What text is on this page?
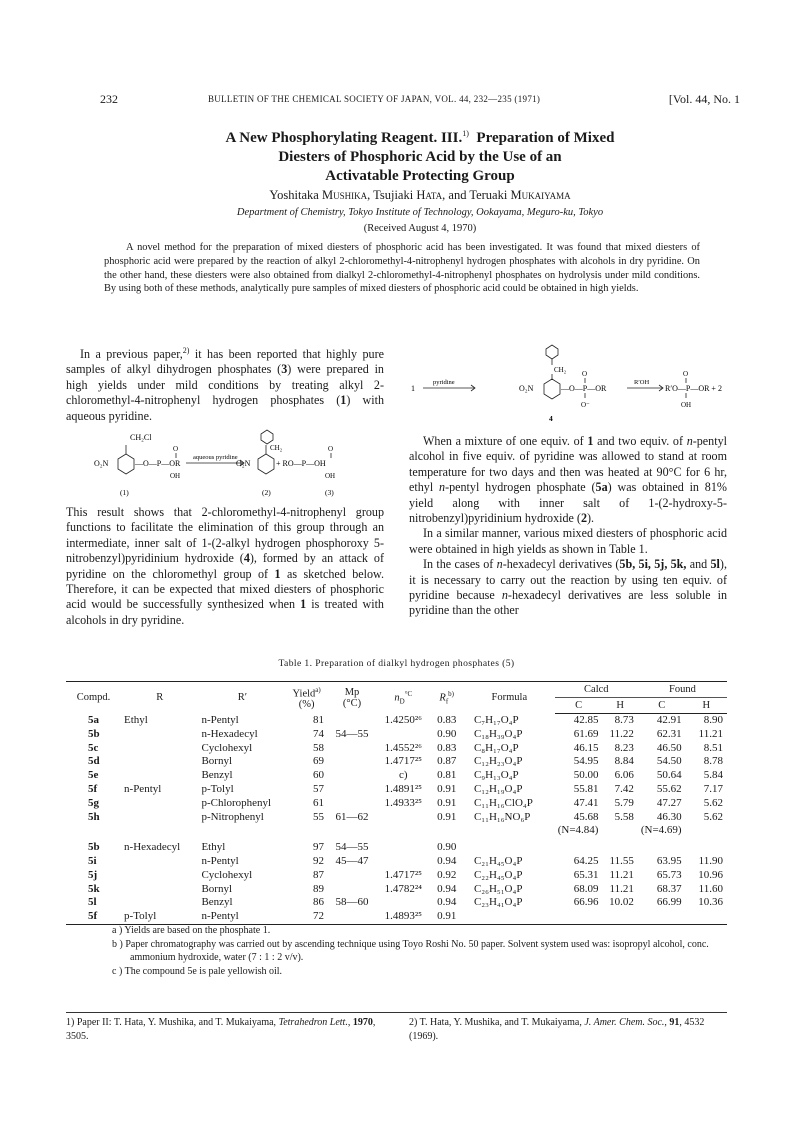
232	BULLETIN OF THE CHEMICAL SOCIETY OF JAPAN, VOL. 44, 232—235 (1971)	[Vol. 44, No. 1
A New Phosphorylating Reagent. III.$^{1)}$ Preparation of Mixed
Diesters of Phosphoric Acid by the Use of an
Activatable Protecting Group
Yoshitaka Mushika, Tsujiaki Hata, and Teruaki Mukaiyama
Department of Chemistry, Tokyo Institute of Technology, Ookayama, Meguro-ku, Tokyo
(Received August 4, 1970)
A novel method for the preparation of mixed diesters of phosphoric acid has been investigated. It was found that mixed diesters of phosphoric acid were prepared by the reaction of alkyl 2-chloromethyl-4-nitrophenyl hydrogen phosphates with alcohols in dry pyridine. On the other hand, these diesters were also obtained from dialkyl 2-chloromethyl-4-nitrophenyl phosphates on hydrolysis under mild conditions. By using both of these methods, analytically pure samples of mixed diesters of phosphoric acid could be obtained in high yields.

In a previous paper,$^{2)}$ it has been reported that highly pure samples of alkyl dihydrogen phosphates (3) were prepared in high yields under mild conditions by treating alkyl 2-chloromethyl-4-nitrophenyl hydrogen phosphates (1) with aqueous pyridine.

CH₂Cl
O₂N	—O—P—OR
O
OH
aqueous pyridine
CH₂
O₂N	+ RO—P—OH
O
OH
(1)	(2)	(3)

This result shows that 2-chloromethyl-4-nitrophenyl group functions to facilitate the elimination of this group through an intermediate, inner salt of 1-(2-alkyl hydrogen phosphoroxy 5-nitrobenzyl)pyridinium hydroxide (4), formed by an attack of pyridine on the chloromethyl group of 1 as sketched below. Therefore, it can be expected that mixed diesters of phosphoric acid would be successfully synthesized when 1 is treated with alcohols in dry pyridine.

1
pyridine
CH₂
O₂N	—O—P—OR
O
O⁻
R′OH
R′O—P—OR + 2
O
OH
4

When a mixture of one equiv. of 1 and two equiv. of n-pentyl alcohol in five equiv. of pyridine was allowed to stand at room temperature for two days and then was heated at 90°C for 6 hr, ethyl n-pentyl hydrogen phosphate (5a) was obtained in 81% yield along with inner salt of 1-(2-hydroxy-5-nitrobenzyl)pyridinium hydroxide (2).

In a similar manner, various mixed diesters of phosphoric acid were obtained in high yields as shown in Table 1.

In the cases of n-hexadecyl derivatives (5b, 5i, 5j, 5k, and 5l), it is necessary to carry out the reaction by using ten equiv. of pyridine because n-hexadecyl derivatives are less soluble in pyridine than the other

Table 1. Preparation of dialkyl hydrogen phosphates (5)
Compd.	R	R′	Yield$^{a)}$
(%)	Mp
(°C)	$n_D^{^\circ C}$	$R_f^{b)}$	Formula	Calcd		Found	
								C	H	C	H
5a	Ethyl	n-Pentyl	81		1.4250²⁶	0.83	C₇H₁₇O₄P	42.85	8.73	42.91	8.90
5b		n-Hexadecyl	74	54—55		0.90	C₁₈H₃₉O₄P	61.69	11.22	62.31	11.21
5c		Cyclohexyl	58		1.4552²⁶	0.83	C₈H₁₇O₄P	46.15	8.23	46.50	8.51
5d		Bornyl	69		1.4717²⁵	0.87	C₁₂H₂₃O₄P	54.95	8.84	54.50	8.78
5e		Benzyl	60		c)	0.81	C₉H₁₃O₄P	50.00	6.06	50.64	5.84
5f	n-Pentyl	p-Tolyl	57		1.4891²⁵	0.91	C₁₂H₁₉O₄P	55.81	7.42	55.62	7.17
5g		p-Chlorophenyl	61		1.4933²⁵	0.91	C₁₁H₁₆ClO₄P	47.41	5.79	47.27	5.62
5h		p-Nitrophenyl	55	61—62		0.91	C₁₁H₁₆NO₆P	45.68	5.58	46.30	5.62
								(N=4.84)		(N=4.69)	
5b	n-Hexadecyl	Ethyl	97	54—55		0.90					
5i		n-Pentyl	92	45—47		0.94	C₂₁H₄₅O₄P	64.25	11.55	63.95	11.90
5j		Cyclohexyl	87		1.4717²⁵	0.92	C₂₂H₄₅O₄P	65.31	11.21	65.73	10.96
5k		Bornyl	89		1.4782²⁴	0.94	C₂₆H₅₁O₄P	68.09	11.21	68.37	11.60
5l		Benzyl	86	58—60		0.94	C₂₃H₄₁O₄P	66.96	10.02	66.99	10.36
5f	p-Tolyl	n-Pentyl	72		1.4893²⁵	0.91					
a ) Yields are based on the phosphate 1.
b ) Paper chromatography was carried out by ascending technique using Toyo Roshi No. 50 paper. Solvent system used was: isopropyl alcohol, conc. ammonium hydroxide, water (7 : 1 : 2 v/v).
c ) The compound 5e is pale yellowish oil.
1) Paper II: T. Hata, Y. Mushika, and T. Mukaiyama, Tetrahedron Lett., 1970, 3505.
2) T. Hata, Y. Mushika, and T. Mukaiyama, J. Amer. Chem. Soc., 91, 4532 (1969).
